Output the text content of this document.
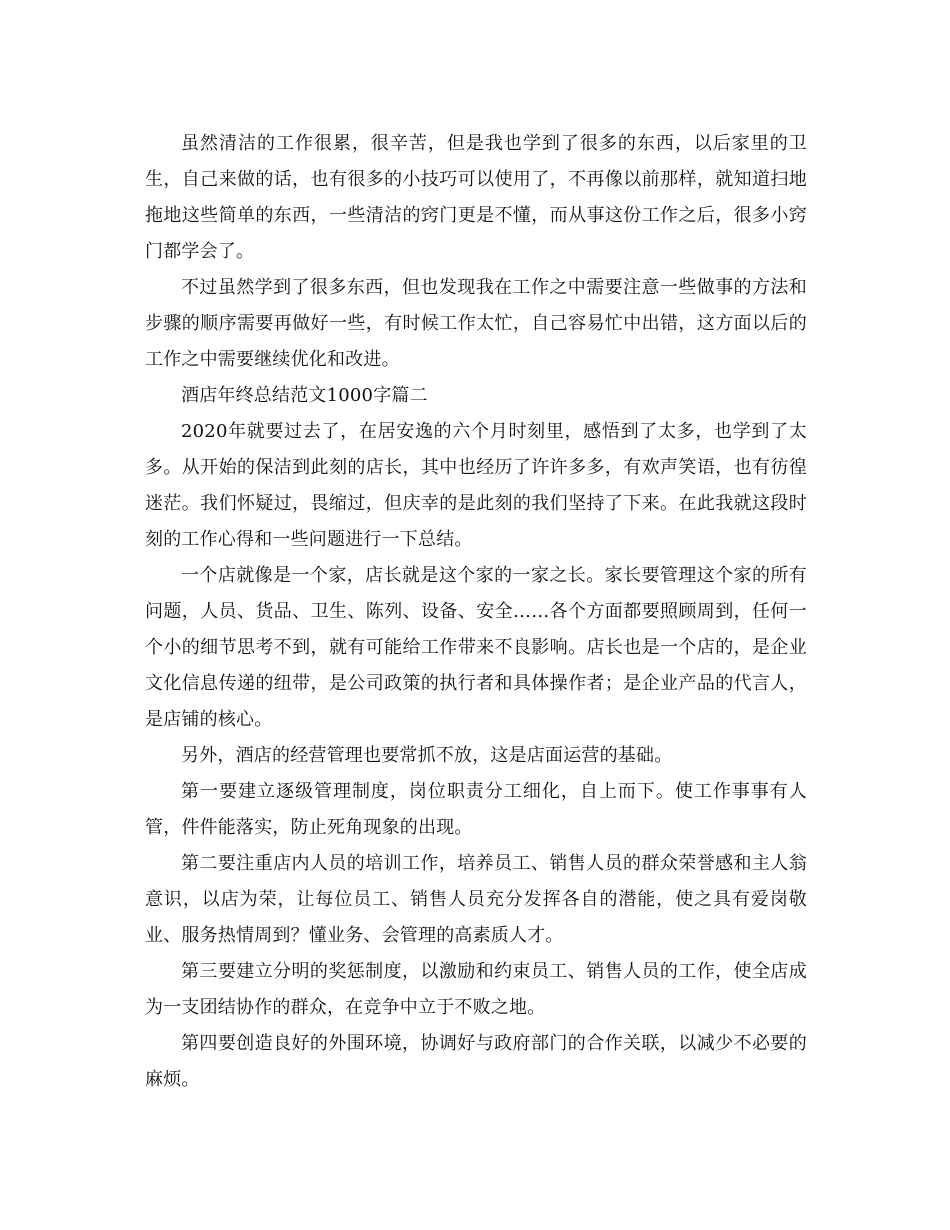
虽然清洁的工作很累，很辛苦，但是我也学到了很多的东西，以后家里的卫生，自己来做的话，也有很多的小技巧可以使用了，不再像以前那样，就知道扫地拖地这些简单的东西，一些清洁的窍门更是不懂，而从事这份工作之后，很多小窍门都学会了。

不过虽然学到了很多东西，但也发现我在工作之中需要注意一些做事的方法和步骤的顺序需要再做好一些，有时候工作太忙，自己容易忙中出错，这方面以后的工作之中需要继续优化和改进。

酒店年终总结范文1000字篇二

2020年就要过去了，在居安逸的六个月时刻里，感悟到了太多，也学到了太多。从开始的保洁到此刻的店长，其中也经历了许许多多，有欢声笑语，也有彷徨迷茫。我们怀疑过，畏缩过，但庆幸的是此刻的我们坚持了下来。在此我就这段时刻的工作心得和一些问题进行一下总结。

一个店就像是一个家，店长就是这个家的一家之长。家长要管理这个家的所有问题，人员、货品、卫生、陈列、设备、安全……各个方面都要照顾周到，任何一个小的细节思考不到，就有可能给工作带来不良影响。店长也是一个店的，是企业文化信息传递的纽带，是公司政策的执行者和具体操作者；是企业产品的代言人，是店铺的核心。

另外，酒店的经营管理也要常抓不放，这是店面运营的基础。

第一要建立逐级管理制度，岗位职责分工细化，自上而下。使工作事事有人管，件件能落实，防止死角现象的出现。

第二要注重店内人员的培训工作，培养员工、销售人员的群众荣誉感和主人翁意识，以店为荣，让每位员工、销售人员充分发挥各自的潜能，使之具有爱岗敬业、服务热情周到？懂业务、会管理的高素质人才。

第三要建立分明的奖惩制度，以激励和约束员工、销售人员的工作，使全店成为一支团结协作的群众，在竞争中立于不败之地。

第四要创造良好的外围环境，协调好与政府部门的合作关联，以减少不必要的麻烦。
